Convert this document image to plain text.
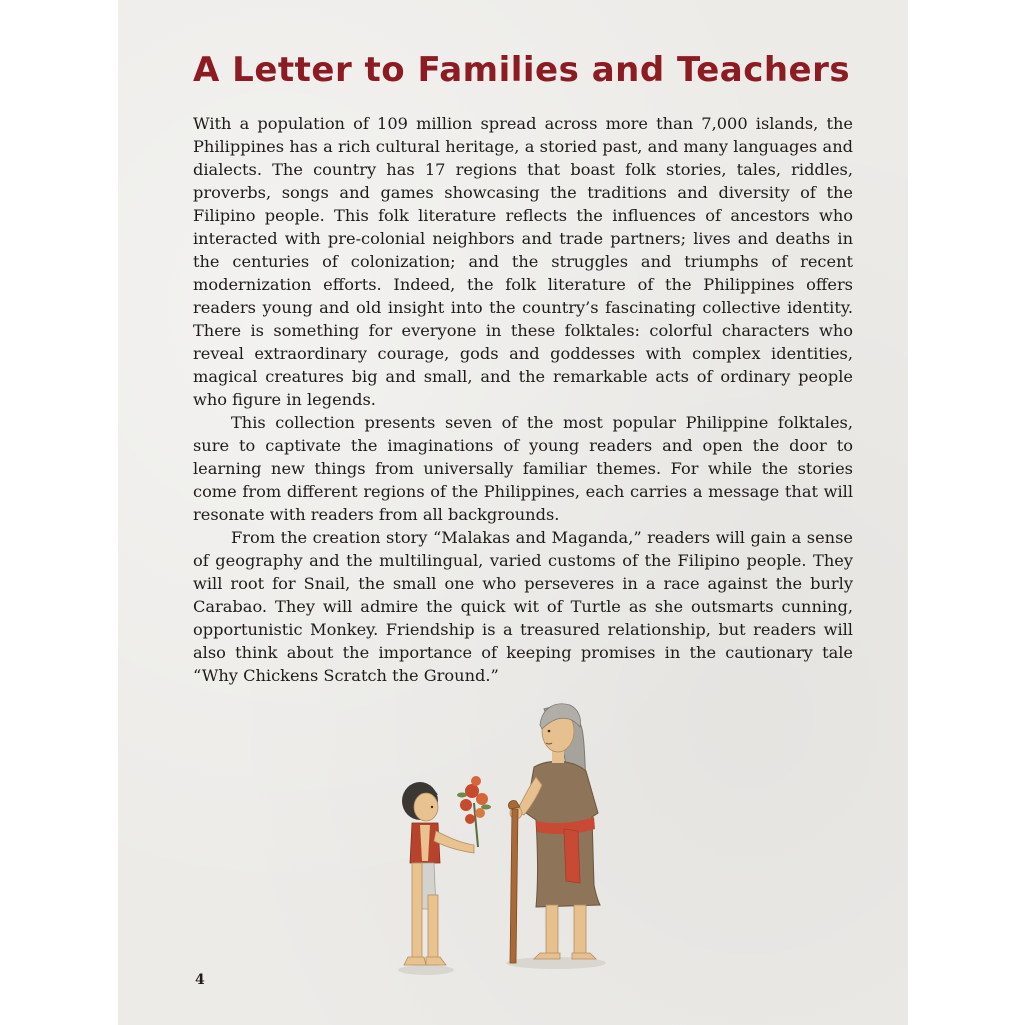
A Letter to Families and Teachers

With a population of 109 million spread across more than 7,000 islands, the Philippines has a rich cultural heritage, a storied past, and many languages and dialects. The country has 17 regions that boast folk stories, tales, riddles, proverbs, songs and games showcasing the traditions and diversity of the Filipino people. This folk literature reflects the influences of ancestors who interacted with pre-colonial neighbors and trade partners; lives and deaths in the centuries of colonization; and the struggles and triumphs of recent modernization efforts. Indeed, the folk literature of the Philippines offers readers young and old insight into the country’s fascinating collective identity. There is something for everyone in these folktales: colorful characters who reveal extraordinary courage, gods and goddesses with complex identities, magical creatures big and small, and the remarkable acts of ordinary people who figure in legends.

This collection presents seven of the most popular Philippine folktales, sure to captivate the imaginations of young readers and open the door to learning new things from universally familiar themes. For while the stories come from different regions of the Philippines, each carries a message that will resonate with readers from all backgrounds.

From the creation story “Malakas and Maganda,” readers will gain a sense of geography and the multilingual, varied customs of the Filipino people. They will root for Snail, the small one who perseveres in a race against the burly Carabao. They will admire the quick wit of Turtle as she outsmarts cunning, opportunistic Monkey. Friendship is a treasured relationship, but readers will also think about the importance of keeping promises in the cautionary tale “Why Chickens Scratch the Ground.”

4
